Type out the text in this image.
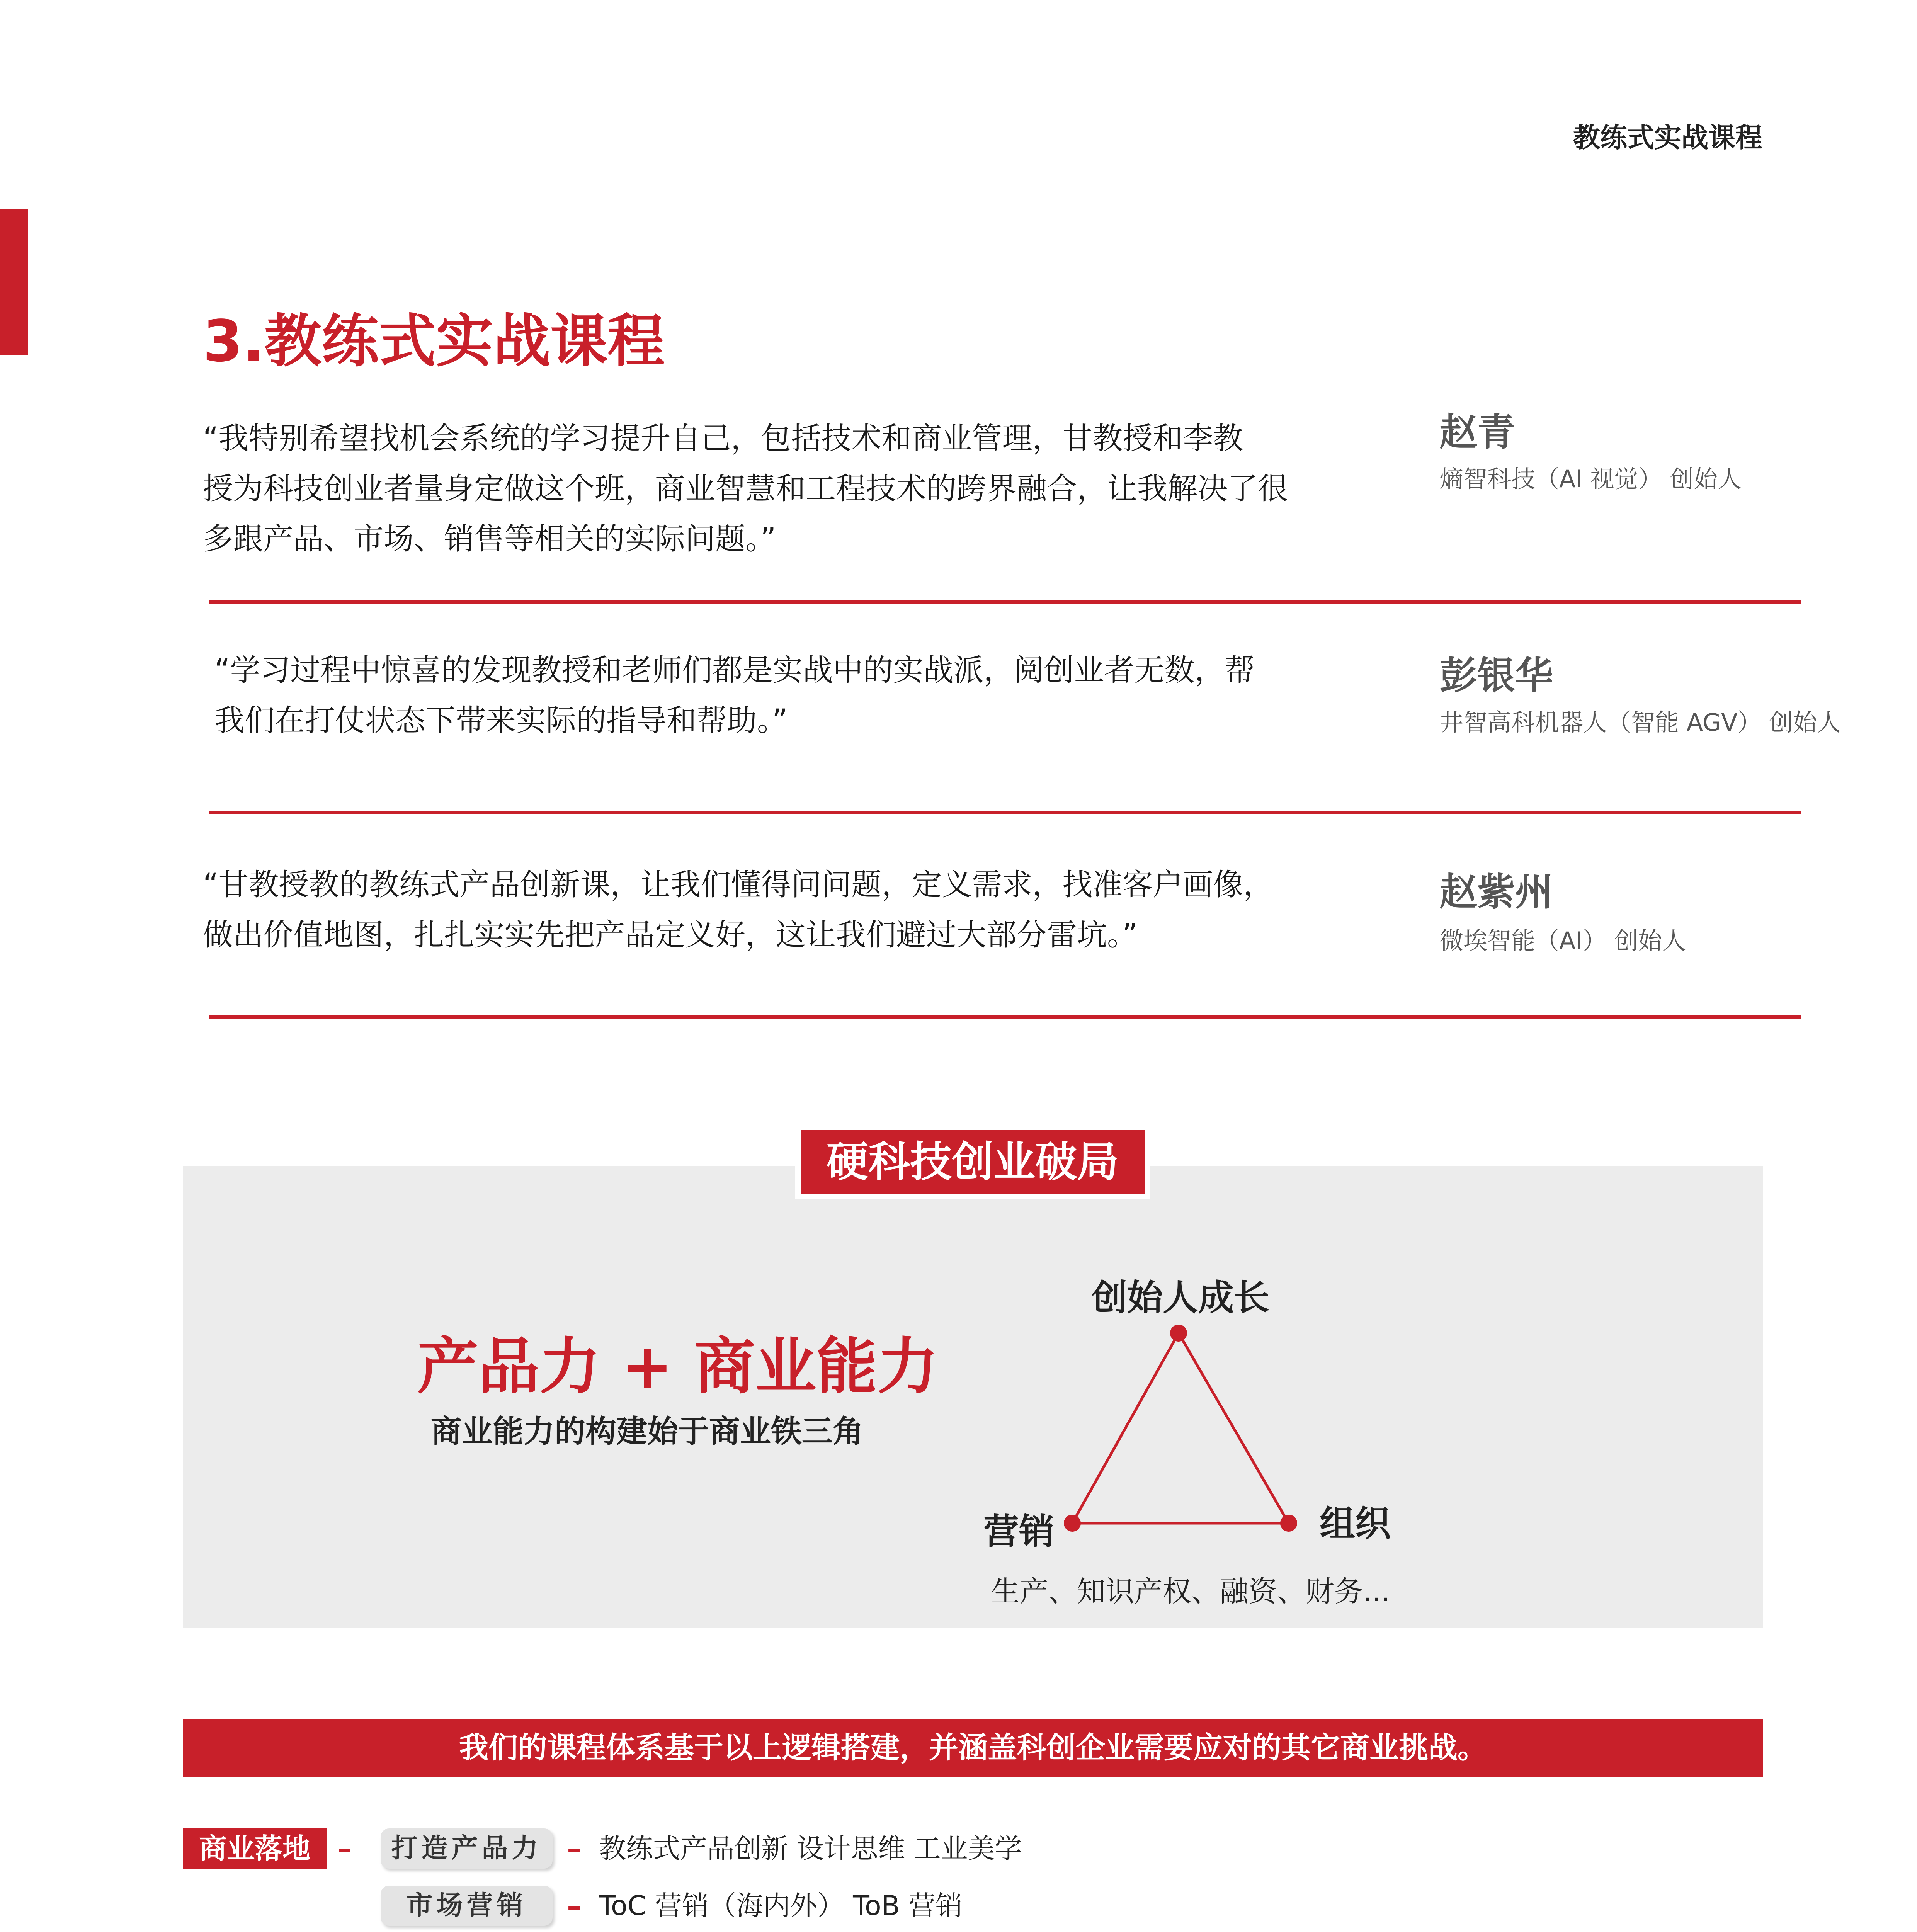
教练式实战课程
3.教练式实战课程
“我特别希望找机会系统的学习提升自己，包括技术和商业管理，甘教授和李教
授为科技创业者量身定做这个班，商业智慧和工程技术的跨界融合，让我解决了很
多跟产品、市场、销售等相关的实际问题。”
赵青
熵智科技（AI 视觉） 创始人
“学习过程中惊喜的发现教授和老师们都是实战中的实战派，阅创业者无数，帮
我们在打仗状态下带来实际的指导和帮助。”
彭银华
井智高科机器人（智能 AGV） 创始人
“甘教授教的教练式产品创新课，让我们懂得问问题，定义需求，找准客户画像，
做出价值地图，扎扎实实先把产品定义好，这让我们避过大部分雷坑。”
赵紫州
微埃智能（AI） 创始人
硬科技创业破局
产品力 + 商业能力
商业能力的构建始于商业铁三角
创始人成长
营销	组织
生产、知识产权、融资、财务...
我们的课程体系基于以上逻辑搭建，并涵盖科创企业需要应对的其它商业挑战。
商业落地 –	打造产品力 – 教练式产品创新 设计思维 工业美学
市场营销	– ToC 营销（海内外） ToB 营销
